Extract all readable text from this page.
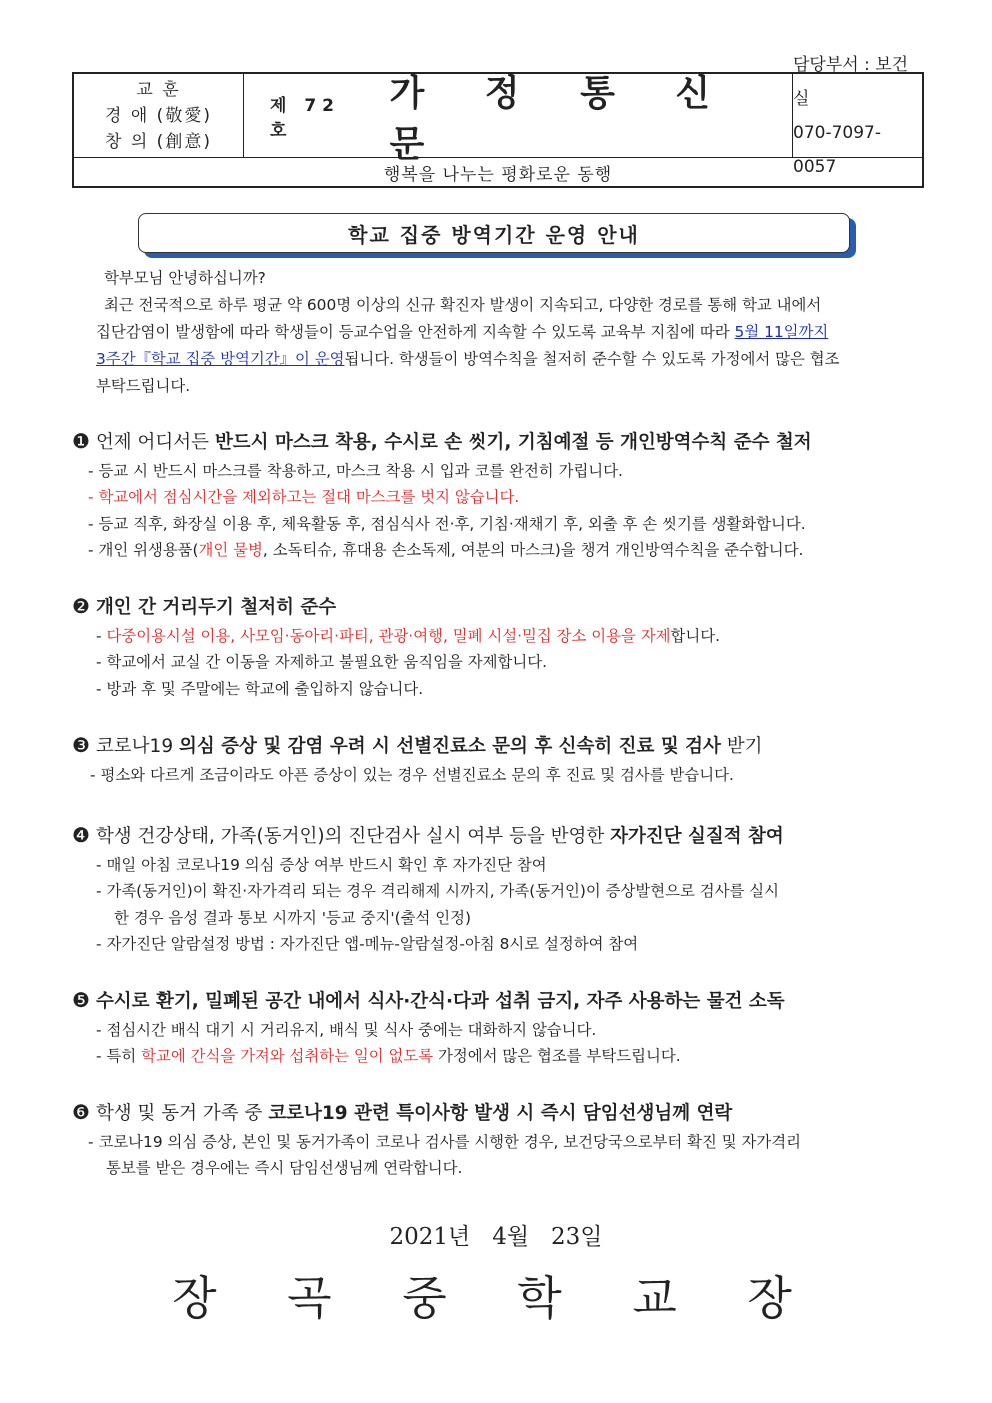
교 훈
경 애 (敬愛)
창 의 (創意)
제 72 호
가 정 통 신 문
담당부서 : 보건실
070-7097-0057
행복을 나누는 평화로운 동행
학교 집중 방역기간 운영 안내

학부모님 안녕하십니까?

최근 전국적으로 하루 평균 약 600명 이상의 신규 확진자 발생이 지속되고, 다양한 경로를 통해 학교 내에서

집단감염이 발생함에 따라 학생들이 등교수업을 안전하게 지속할 수 있도록 교육부 지침에 따라 5월 11일까지

3주간『학교 집중 방역기간』이 운영됩니다. 학생들이 방역수칙을 철저히 준수할 수 있도록 가정에서 많은 협조

부탁드립니다.

❶ 언제 어디서든 반드시 마스크 착용, 수시로 손 씻기, 기침예절 등 개인방역수칙 준수 철저

- 등교 시 반드시 마스크를 착용하고, 마스크 착용 시 입과 코를 완전히 가립니다.

- 학교에서 점심시간을 제외하고는 절대 마스크를 벗지 않습니다.

- 등교 직후, 화장실 이용 후, 체육활동 후, 점심식사 전·후, 기침·재채기 후, 외출 후 손 씻기를 생활화합니다.

- 개인 위생용품(개인 물병, 소독티슈, 휴대용 손소독제, 여분의 마스크)을 챙겨 개인방역수칙을 준수합니다.

❷ 개인 간 거리두기 철저히 준수

- 다중이용시설 이용, 사모임·동아리·파티, 관광·여행, 밀폐 시설·밀집 장소 이용을 자제합니다.

- 학교에서 교실 간 이동을 자제하고 불필요한 움직임을 자제합니다.

- 방과 후 및 주말에는 학교에 출입하지 않습니다.

❸ 코로나19 의심 증상 및 감염 우려 시 선별진료소 문의 후 신속히 진료 및 검사 받기

- 평소와 다르게 조금이라도 아픈 증상이 있는 경우 선별진료소 문의 후 진료 및 검사를 받습니다.

❹ 학생 건강상태, 가족(동거인)의 진단검사 실시 여부 등을 반영한 자가진단 실질적 참여

- 매일 아침 코로나19 의심 증상 여부 반드시 확인 후 자가진단 참여

- 가족(동거인)이 확진·자가격리 되는 경우 격리해제 시까지, 가족(동거인)이 증상발현으로 검사를 실시

한 경우 음성 결과 통보 시까지 '등교 중지'(출석 인정)

- 자가진단 알람설정 방법 : 자가진단 앱-메뉴-알람설정-아침 8시로 설정하여 참여

❺ 수시로 환기, 밀폐된 공간 내에서 식사·간식·다과 섭취 금지, 자주 사용하는 물건 소독

- 점심시간 배식 대기 시 거리유지, 배식 및 식사 중에는 대화하지 않습니다.

- 특히 학교에 간식을 가져와 섭취하는 일이 없도록 가정에서 많은 협조를 부탁드립니다.

❻ 학생 및 동거 가족 중 코로나19 관련 특이사항 발생 시 즉시 담임선생님께 연락

- 코로나19 의심 증상, 본인 및 동거가족이 코로나 검사를 시행한 경우, 보건당국으로부터 확진 및 자가격리

통보를 받은 경우에는 즉시 담임선생님께 연락합니다.

2021년   4월   23일
장 곡 중 학 교 장
